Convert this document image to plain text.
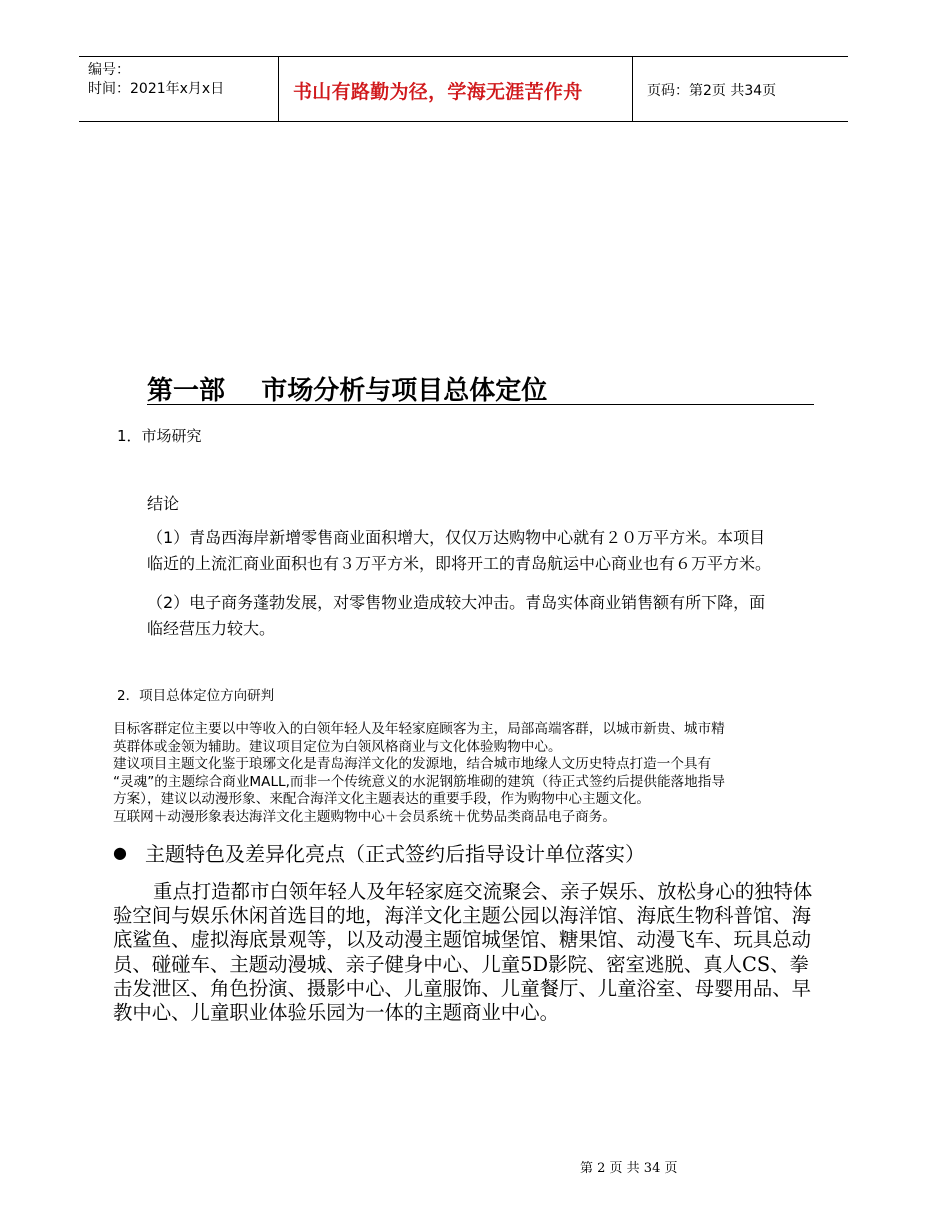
编号：
时间：2021年x月x日	书山有路勤为径，学海无涯苦作舟	页码：第2页 共34页
第一部    市场分析与项目总体定位
1．市场研究
结论
（1）青岛西海岸新增零售商业面积增大，仅仅万达购物中心就有２０万平方米。本项目
临近的上流汇商业面积也有３万平方米，即将开工的青岛航运中心商业也有６万平方米。
（2）电子商务蓬勃发展，对零售物业造成较大冲击。青岛实体商业销售额有所下降，面
临经营压力较大。
2．项目总体定位方向研判
目标客群定位主要以中等收入的白领年轻人及年轻家庭顾客为主，局部高端客群，以城市新贵、城市精
英群体或金领为辅助。建议项目定位为白领风格商业与文化体验购物中心。
建议项目主题文化鉴于琅琊文化是青岛海洋文化的发源地，结合城市地缘人文历史特点打造一个具有
“灵魂”的主题综合商业MALL,而非一个传统意义的水泥钢筋堆砌的建筑（待正式签约后提供能落地指导
方案），建议以动漫形象、来配合海洋文化主题表达的重要手段，作为购物中心主题文化。
互联网＋动漫形象表达海洋文化主题购物中心＋会员系统＋优势品类商品电子商务。
● 主题特色及差异化亮点（正式签约后指导设计单位落实）
重点打造都市白领年轻人及年轻家庭交流聚会、亲子娱乐、放松身心的独特体验空间与娱乐休闲首选目的地，海洋文化主题公园以海洋馆、海底生物科普馆、海底鲨鱼、虚拟海底景观等，以及动漫主题馆城堡馆、糖果馆、动漫飞车、玩具总动员、碰碰车、主题动漫城、亲子健身中心、儿童5D影院、密室逃脱、真人CS、拳击发泄区、角色扮演、摄影中心、儿童服饰、儿童餐厅、儿童浴室、母婴用品、早教中心、儿童职业体验乐园为一体的主题商业中心。
第 2 页 共 34 页
